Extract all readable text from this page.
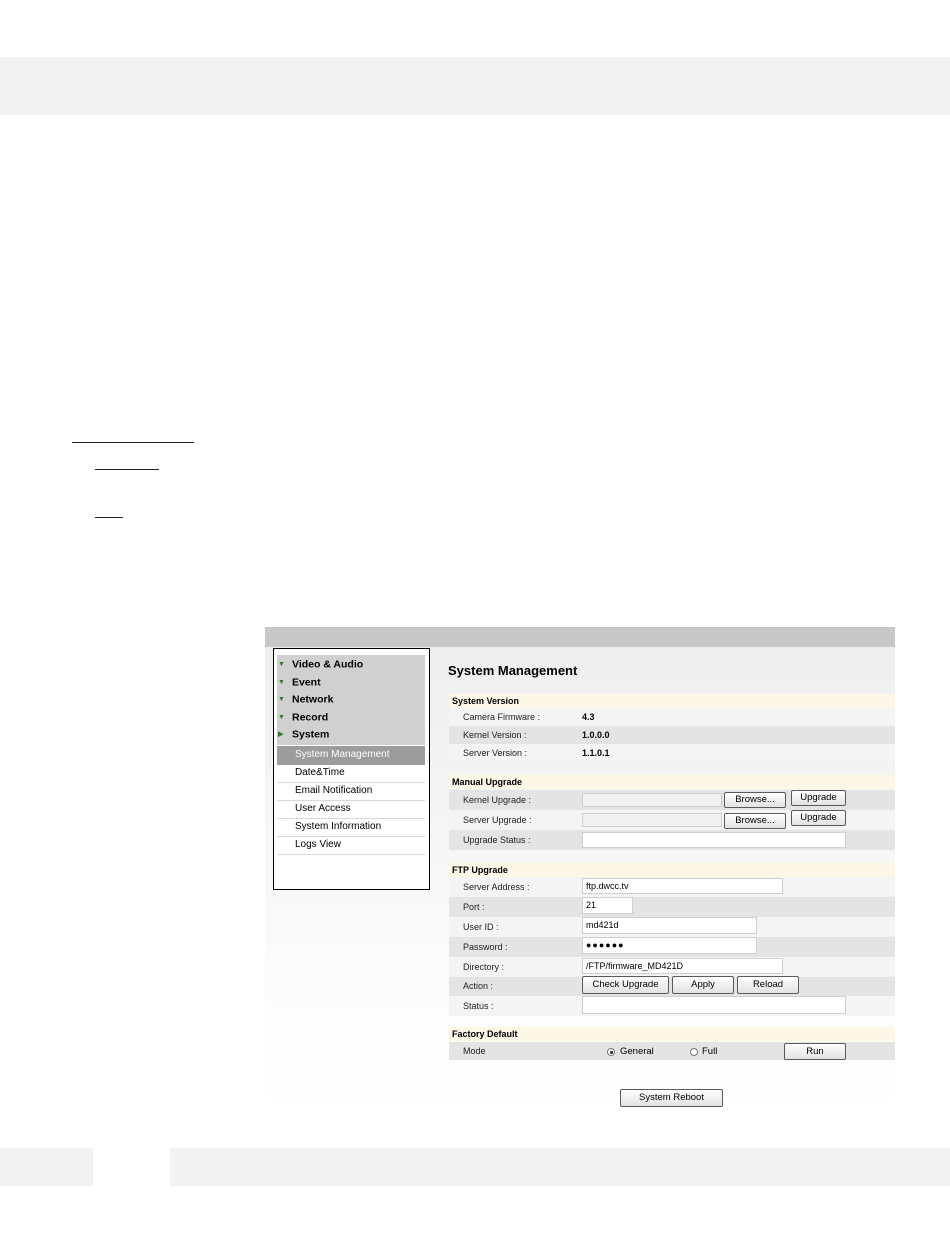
▼ Video & Audio
▼ Event
▼ Network
▼ Record
▶ System
System Management
Date&Time
Email Notification
User Access
System Information
Logs View
System Management
System Version
Camera Firmware :	4.3
Kernel Version :	1.0.0.0
Server Version :	1.1.0.1
Manual Upgrade
Kernel Upgrade :	Browse...	Upgrade
Server Upgrade :	Browse...	Upgrade
Upgrade Status :
FTP Upgrade
Server Address :	ftp.dwcc.tv
Port :	21
User ID :	md421d
Password :	●●●●●●
Directory :	/FTP/firmware_MD421D
Action :	Check Upgrade	Apply	Reload
Status :
Factory Default
Mode	General	Full	Run
System Reboot
